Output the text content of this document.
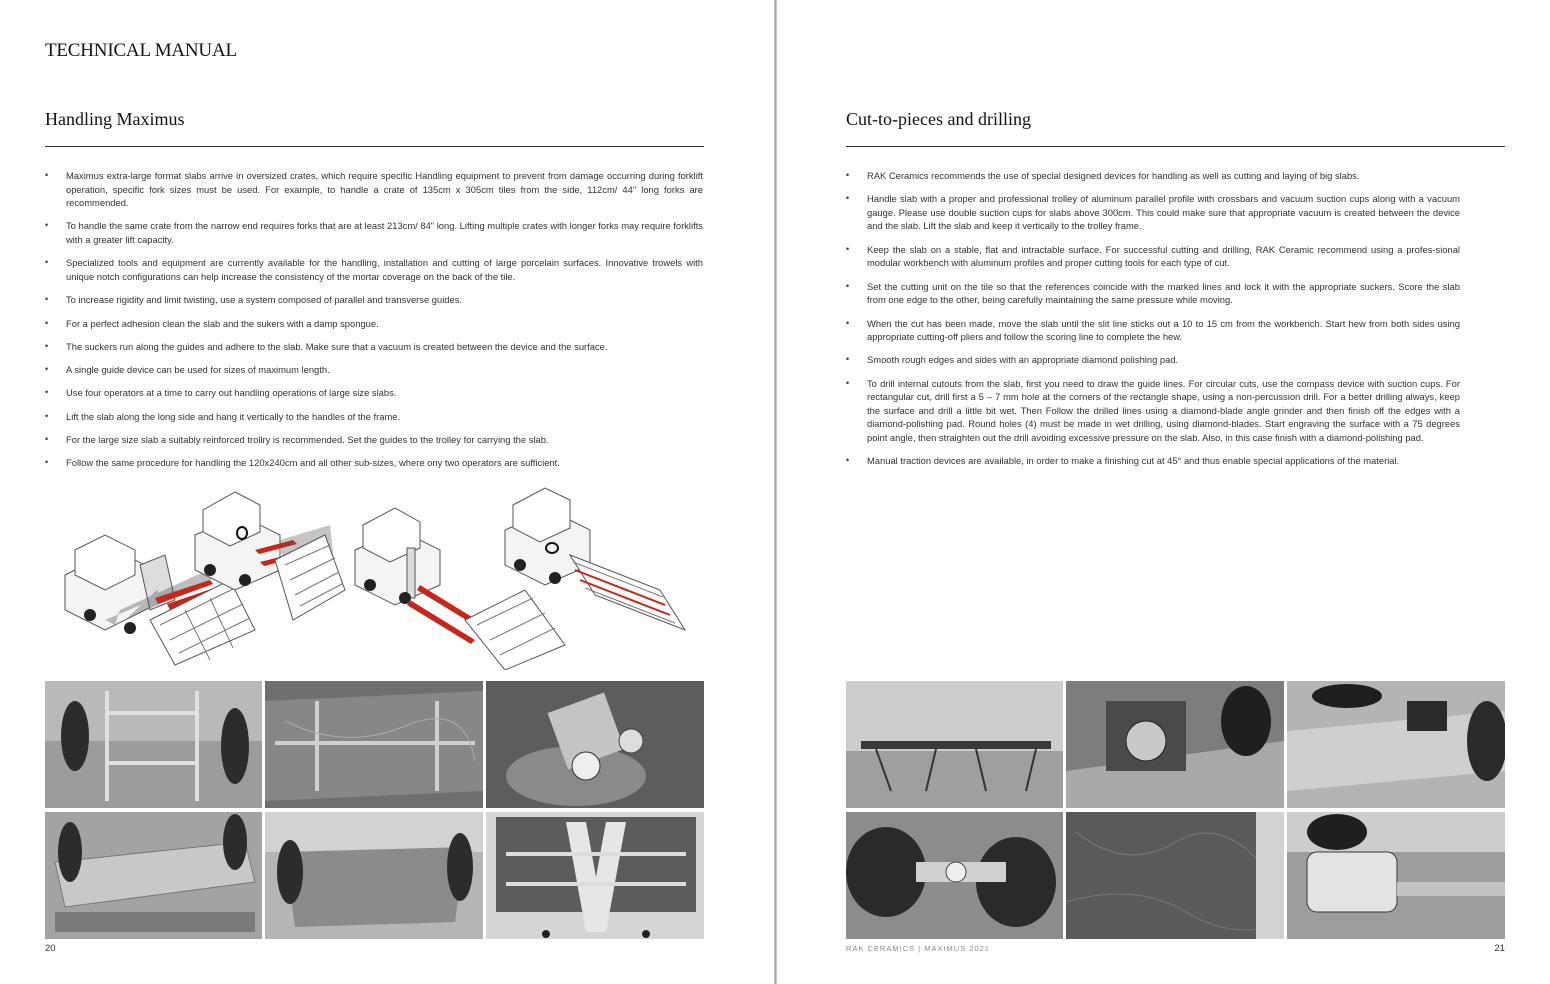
TECHNICAL MANUAL
Handling Maximus
• Maximus extra-large format slabs arrive in oversized crates, which require specific Handling equipment to prevent from damage occurring during forklift operation, specific fork sizes must be used. For example, to handle a crate of 135cm x 305cm tiles from the side, 112cm/ 44" long forks are recommended.
• To handle the same crate from the narrow end requires forks that are at least 213cm/ 84" long. Lifting multiple crates with longer forks may require forklifts with a greater lift capacity.
• Specialized tools and equipment are currently available for the handling, installation and cutting of large porcelain surfaces. Innovative trowels with unique notch configurations can help increase the consistency of the mortar coverage on the back of the tile.
• To increase rigidity and limit twisting, use a system composed of parallel and transverse guides.
• For a perfect adhesion clean the slab and the sukers with a damp spongue.
• The suckers run along the guides and adhere to the slab. Make sure that a vacuum is created between the device and the surface.
• A single guide device can be used for sizes of maximum length.
• Use four operators at a time to carry out handling operations of large size slabs.
• Lift the slab along the long side and hang it vertically to the handles of the frame.
• For the large size slab a suitably reinforced trollry is recommended. Set the guides to the trolley for carrying the slab.
• Follow the same procedure for handling the 120x240cm and all other sub-sizes, where ony two operators are sufficient.

20

Cut-to-pieces and drilling
• RAK Ceramics recommends the use of special designed devices for handling as well as cutting and laying of big slabs.
• Handle slab with a proper and professional trolley of aluminum parallel profile with crossbars and vacuum suction cups along with a vacuum gauge. Please use double suction cups for slabs above 300cm. This could make sure that appropriate vacuum is created between the device and the slab. Lift the slab and keep it vertically to the trolley frame.
• Keep the slab on a stable, flat and intractable surface. For successful cutting and drilling, RAK Ceramic recommend using a profes-sional modular workbench with aluminum profiles and proper cutting tools for each type of cut.
• Set the cutting unit on the tile so that the references coincide with the marked lines and lock it with the appropriate suckers. Score the slab from one edge to the other, being carefully maintaining the same pressure while moving.
• When the cut has been made, move the slab until the slit line sticks out a 10 to 15 cm from the workbench. Start hew from both sides using appropriate cutting-off pliers and follow the scoring line to complete the hew.
• Smooth rough edges and sides with an appropriate diamond polishing pad.
• To drill internal cutouts from the slab, first you need to draw the guide lines. For circular cuts, use the compass device with suction cups. For rectangular cut, drill first a 5 – 7 mm hole at the corners of the rectangle shape, using a non-percussion drill. For a better drilling always, keep the surface and drill a little bit wet. Then Follow the drilled lines using a diamond-blade angle grinder and then finish off the edges with a diamond-polishing pad. Round holes (4) must be made in wet drilling, using diamond-blades. Start engraving the surface with a 75 degrees point angle, then straighten out the drill avoiding excessive pressure on the slab. Also, in this case finish with a diamond-polishing pad.
• Manual traction devices are available, in order to make a finishing cut at 45° and thus enable special applications of the material.

RAK CERAMICS | MAXIMUS 2021	21
